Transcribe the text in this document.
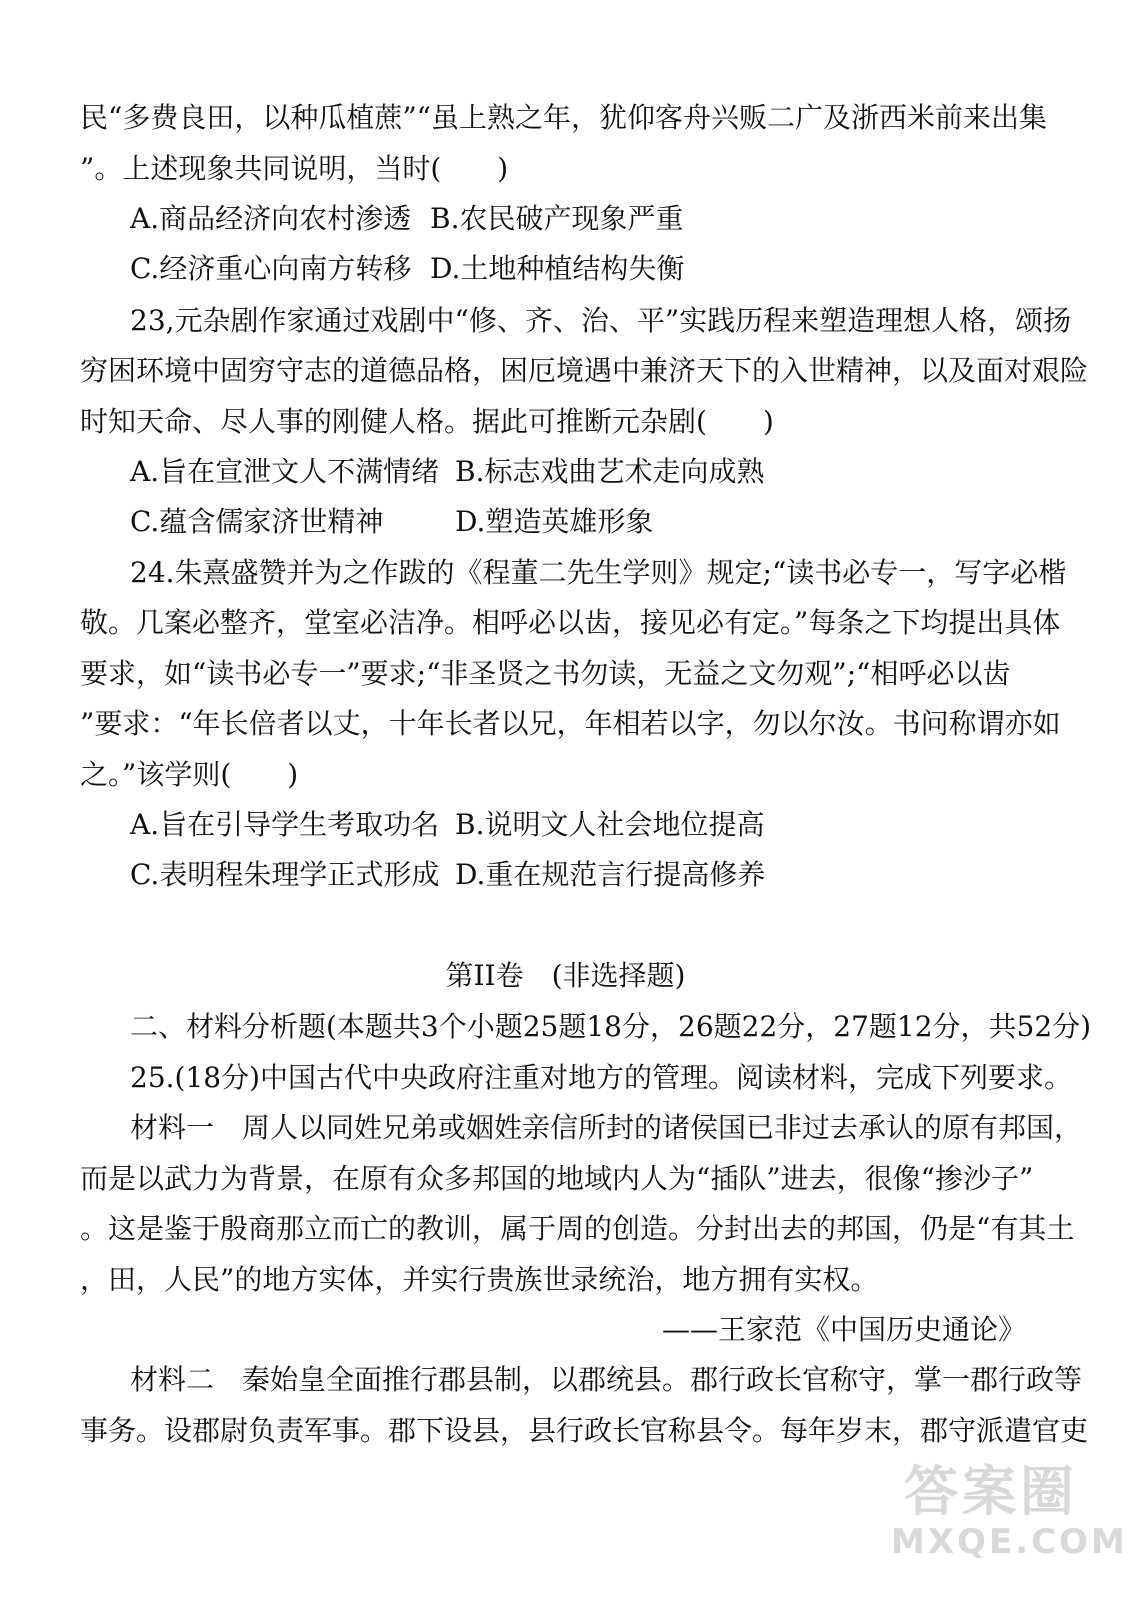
民“多费良田，以种瓜植蔗”“虽上熟之年，犹仰客舟兴贩二广及浙西米前来出集
”。上述现象共同说明，当时(　　)
A.商品经济向农村渗透 B.农民破产现象严重
C.经济重心向南方转移 D.土地种植结构失衡
23,元杂剧作家通过戏剧中“修、齐、治、平”实践历程来塑造理想人格，颂扬
穷困环境中固穷守志的道德品格，困厄境遇中兼济天下的入世精神，以及面对艰险
时知天命、尽人事的刚健人格。据此可推断元杂剧(　　)
A.旨在宣泄文人不满情绪 B.标志戏曲艺术走向成熟
C.蕴含儒家济世精神	D.塑造英雄形象
24.朱熹盛赞并为之作跋的《程董二先生学则》规定;“读书必专一，写字必楷
敬。几案必整齐，堂室必洁净。相呼必以齿，接见必有定。”每条之下均提出具体
要求，如“读书必专一”要求;“非圣贤之书勿读，无益之文勿观”;“相呼必以齿
”要求：“年长倍者以丈，十年长者以兄，年相若以字，勿以尔汝。书问称谓亦如
之。”该学则(　　)
A.旨在引导学生考取功名 B.说明文人社会地位提高
C.表明程朱理学正式形成 D.重在规范言行提高修养
第II卷　(非选择题)
二、材料分析题(本题共3个小题25题18分，26题22分，27题12分，共52分)
25.(18分)中国古代中央政府注重对地方的管理。阅读材料，完成下列要求。
材料一　周人以同姓兄弟或姻姓亲信所封的诸侯国已非过去承认的原有邦国，
而是以武力为背景，在原有众多邦国的地域内人为“插队”进去，很像“掺沙子”
。这是鉴于殷商那立而亡的教训，属于周的创造。分封出去的邦国，仍是“有其土
，田，人民”的地方实体，并实行贵族世录统治，地方拥有实权。
——王家范《中国历史通论》
材料二　秦始皇全面推行郡县制，以郡统县。郡行政长官称守，掌一郡行政等
事务。设郡尉负责军事。郡下设县，县行政长官称县令。每年岁末，郡守派遣官吏
答案圈
MXQE.COM
